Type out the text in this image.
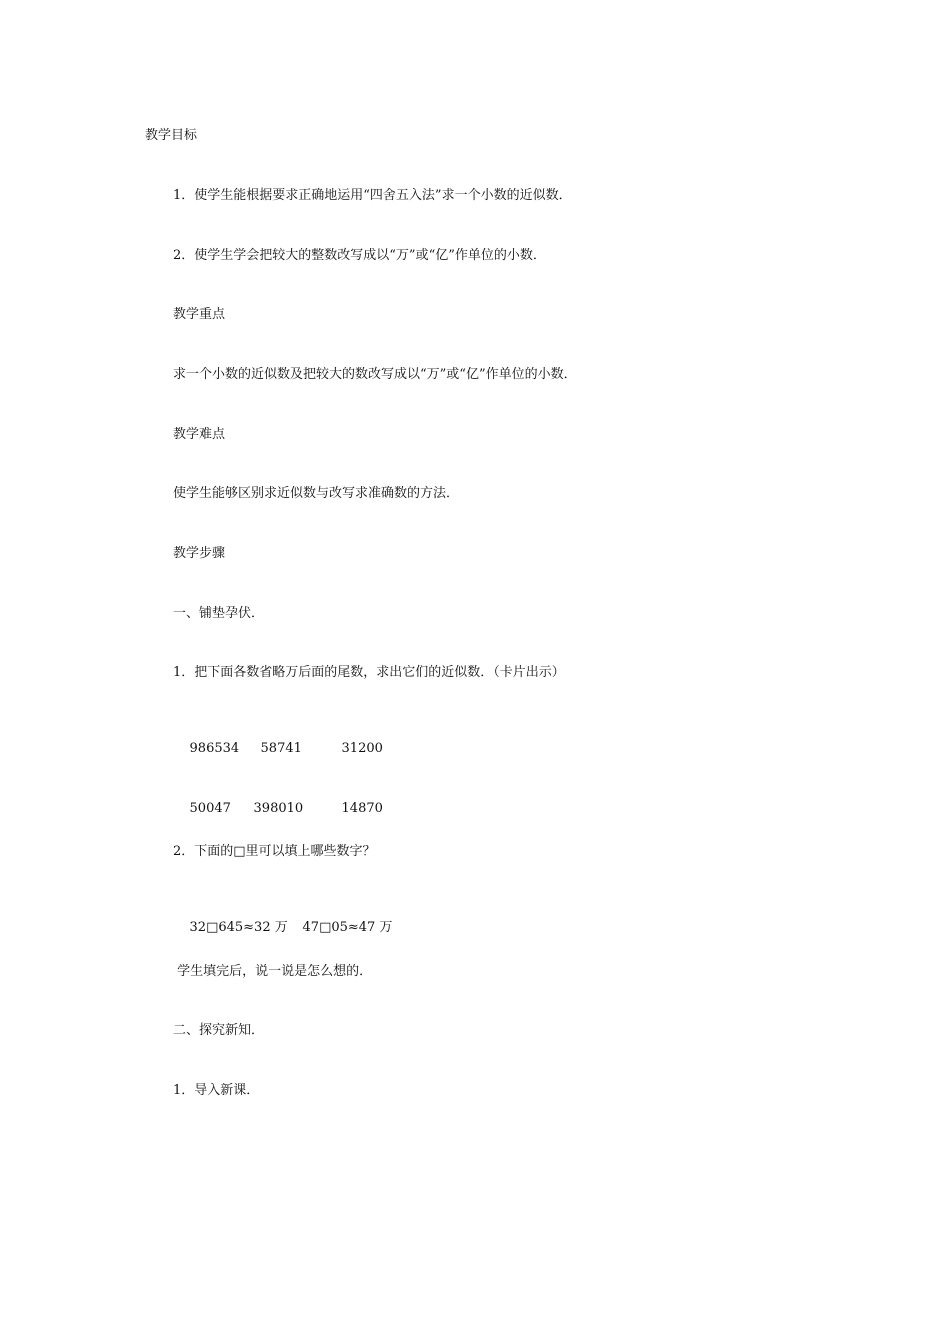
教学目标
1．使学生能根据要求正确地运用“四舍五入法”求一个小数的近似数．
2．使学生学会把较大的整数改写成以“万”或“亿”作单位的小数．
教学重点
求一个小数的近似数及把较大的数改写成以“万”或“亿”作单位的小数．
教学难点
使学生能够区别求近似数与改写求准确数的方法．
教学步骤
一、铺垫孕伏．
1．把下面各数省略万后面的尾数，求出它们的近似数．（卡片出示）

986534 58741	31200

50047 398010	14870

2．下面的□里可以填上哪些数字？

32□645≈32 万 47□05≈47 万

学生填完后，说一说是怎么想的．
二、探究新知．
1．导入新课．
